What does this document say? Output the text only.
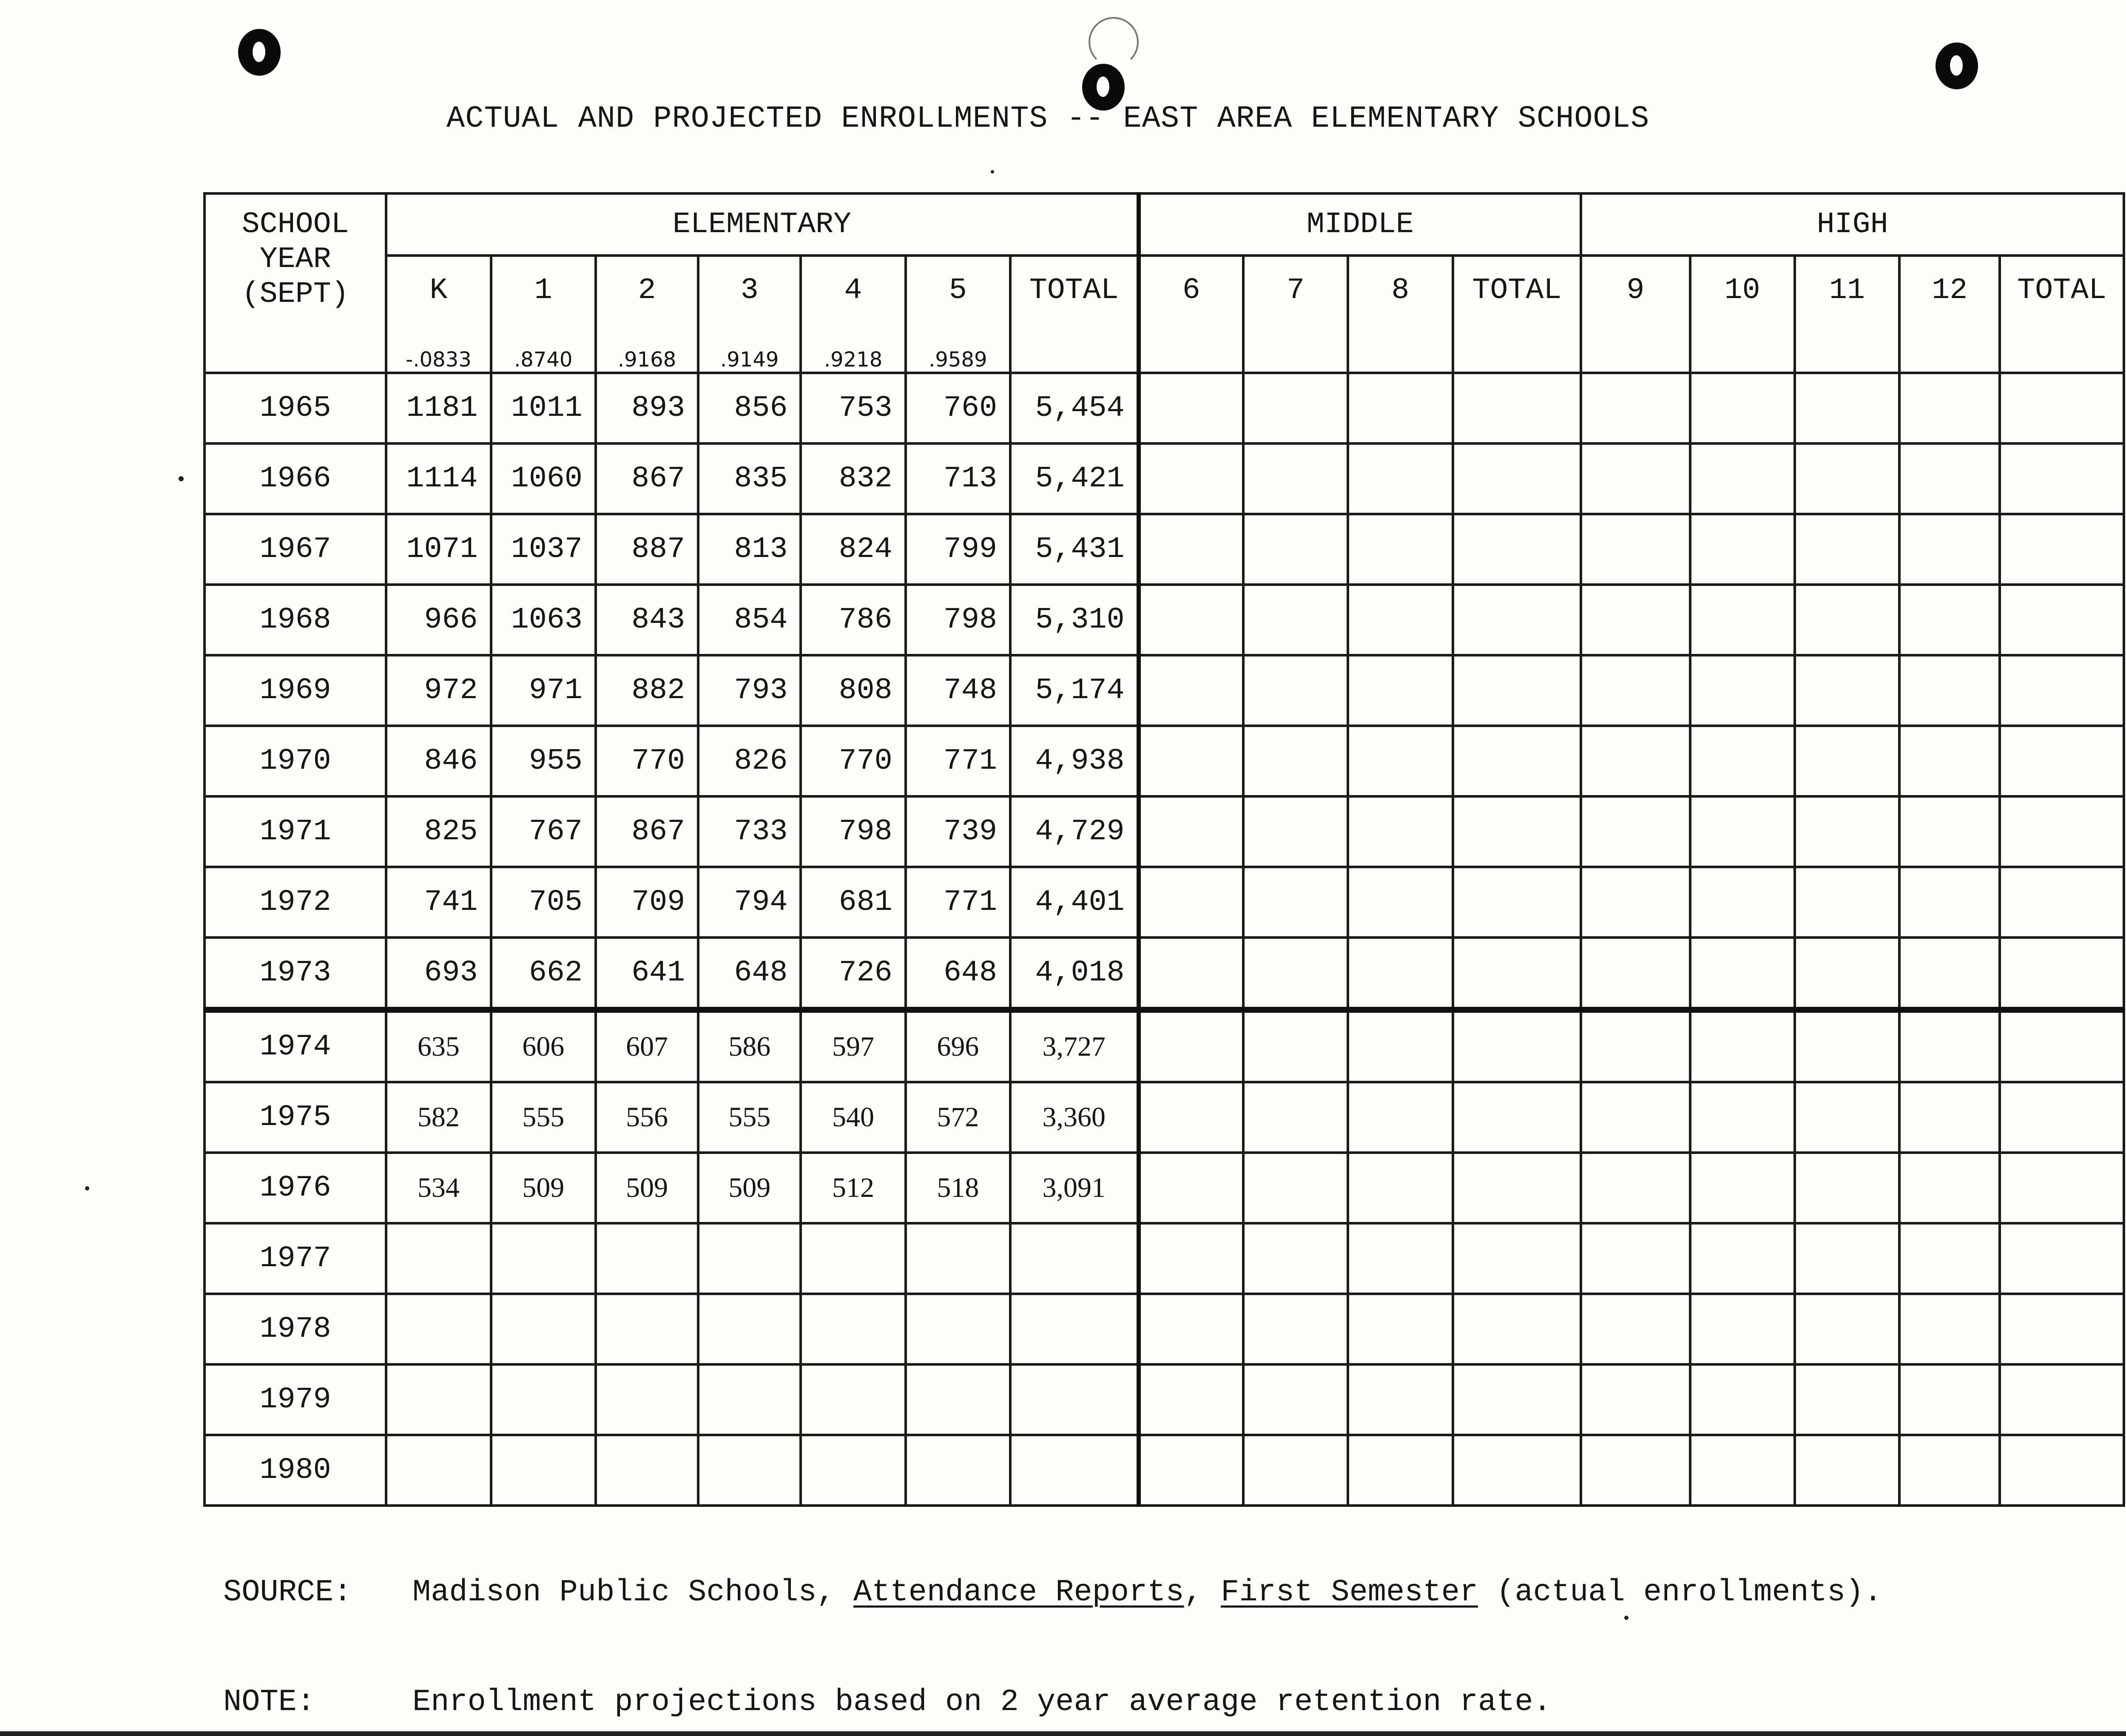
ACTUAL AND PROJECTED ENROLLMENTS -- EAST AREA ELEMENTARY SCHOOLS
SCHOOL
YEAR
(SEPT)	ELEMENTARY							MIDDLE				HIGH				
	K	1	2	3	4	5	TOTAL	6	7	8	TOTAL	9	10	11	12	TOTAL
	-.0833	.8740	.9168	.9149	.9218	.9589										
1965	1181	1011	893	856	753	760	5,454									
1966	1114	1060	867	835	832	713	5,421									
1967	1071	1037	887	813	824	799	5,431									
1968	966	1063	843	854	786	798	5,310									
1969	972	971	882	793	808	748	5,174									
1970	846	955	770	826	770	771	4,938									
1971	825	767	867	733	798	739	4,729									
1972	741	705	709	794	681	771	4,401									
1973	693	662	641	648	726	648	4,018									
1974	635	606	607	586	597	696	3,727									
1975	582	555	556	555	540	572	3,360									
1976	534	509	509	509	512	518	3,091									
1977																
1978																
1979																
1980																

SOURCE: Madison Public Schools, Attendance Reports, First Semester (actual enrollments).

NOTE:	Enrollment projections based on 2 year average retention rate.
